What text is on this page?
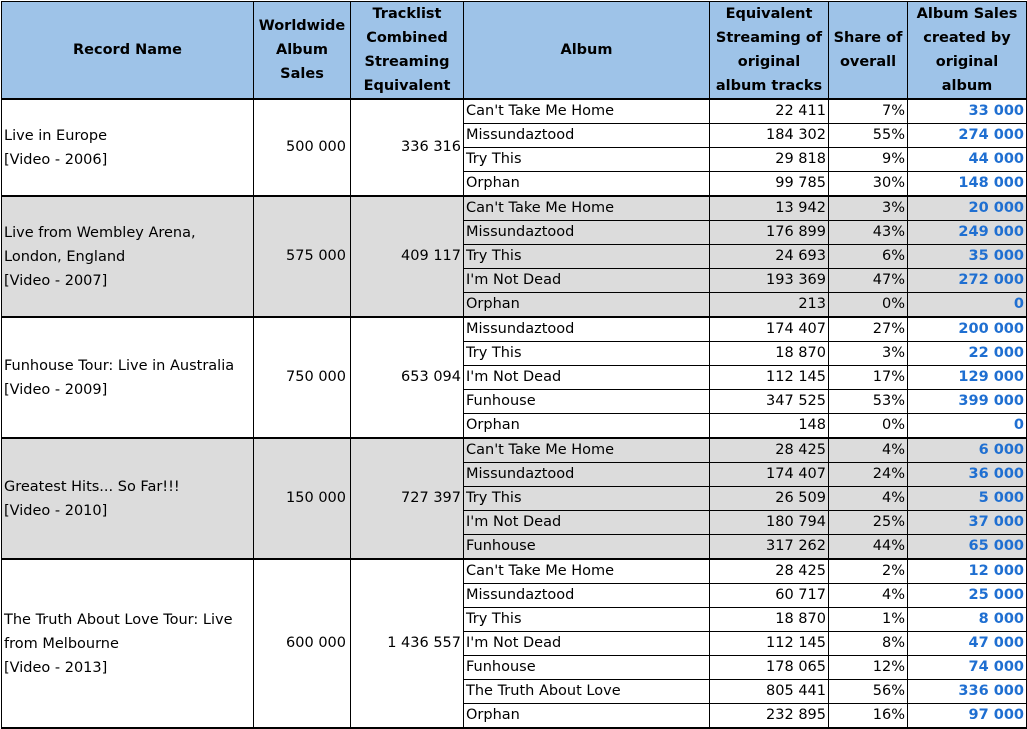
Record Name	Worldwide Album Sales	Tracklist Combined Streaming Equivalent	Album	Equivalent Streaming of original album tracks	Share of overall	Album Sales created by original album

Live in Europe
[Video - 2006]	500 000	336 316	Can't Take Me Home	22 411	7%	33 000
			Missundaztood	184 302	55%	274 000
			Try This	29 818	9%	44 000
			Orphan	99 785	30%	148 000

Live from Wembley Arena,
London, England
[Video - 2007]	575 000	409 117	Can't Take Me Home	13 942	3%	20 000
			Missundaztood	176 899	43%	249 000
			Try This	24 693	6%	35 000
			I'm Not Dead	193 369	47%	272 000
			Orphan	213	0%	0

Funhouse Tour: Live in Australia
[Video - 2009]	750 000	653 094	Missundaztood	174 407	27%	200 000
			Try This	18 870	3%	22 000
			I'm Not Dead	112 145	17%	129 000
			Funhouse	347 525	53%	399 000
			Orphan	148	0%	0

Greatest Hits... So Far!!!
[Video - 2010]	150 000	727 397	Can't Take Me Home	28 425	4%	6 000
			Missundaztood	174 407	24%	36 000
			Try This	26 509	4%	5 000
			I'm Not Dead	180 794	25%	37 000
			Funhouse	317 262	44%	65 000

The Truth About Love Tour: Live
from Melbourne
[Video - 2013]	600 000	1 436 557	Can't Take Me Home	28 425	2%	12 000
			Missundaztood	60 717	4%	25 000
			Try This	18 870	1%	8 000
			I'm Not Dead	112 145	8%	47 000
			Funhouse	178 065	12%	74 000
			The Truth About Love	805 441	56%	336 000
			Orphan	232 895	16%	97 000
